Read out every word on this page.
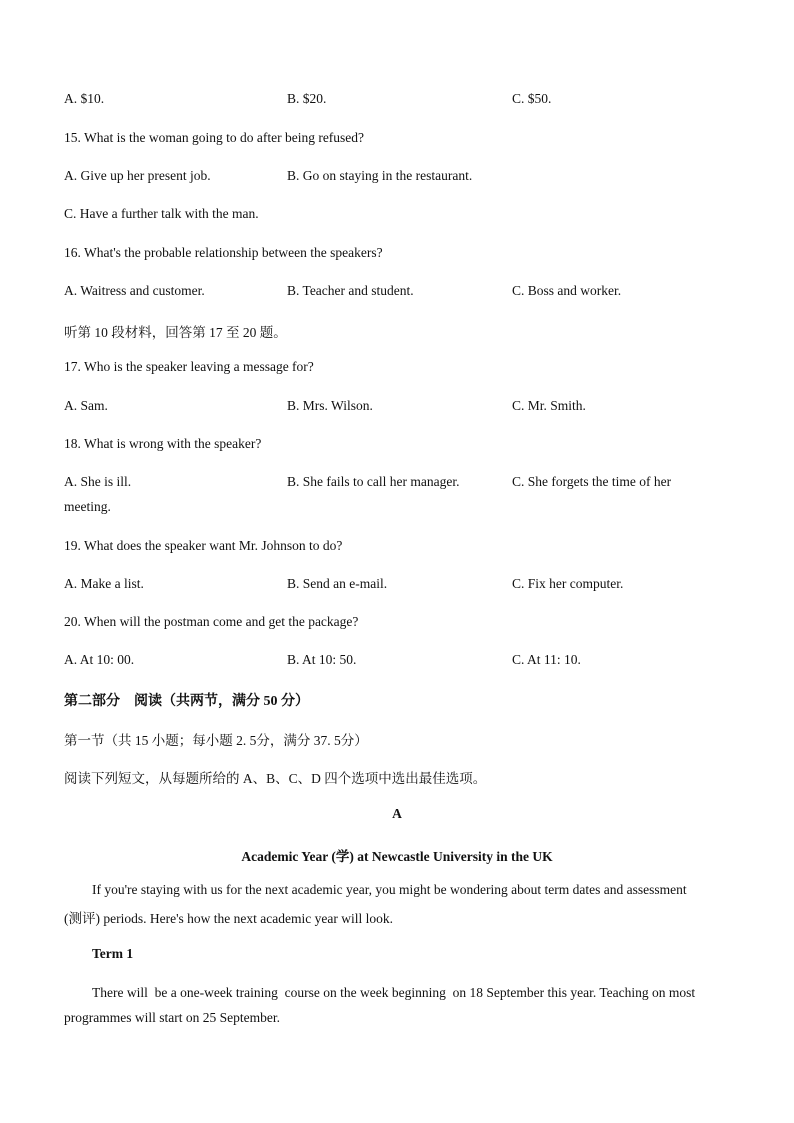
A. $10.	B. $20.	C. $50.
15. What is the woman going to do after being refused?
A. Give up her present job.	B. Go on staying in the restaurant.
C. Have a further talk with the man.
16. What's the probable relationship between the speakers?
A. Waitress and customer.	B. Teacher and student.	C. Boss and worker.
听第 10 段材料，回答第 17 至 20 题。
17. Who is the speaker leaving a message for?
A. Sam.	B. Mrs. Wilson.	C. Mr. Smith.
18. What is wrong with the speaker?
A. She is ill.	B. She fails to call her manager.	C. She forgets the time of her
meeting.
19. What does the speaker want Mr. Johnson to do?
A. Make a list.	B. Send an e-mail.	C. Fix her computer.
20. When will the postman come and get the package?
A. At 10: 00.	B. At 10: 50.	C. At 11: 10.
第二部分    阅读（共两节，满分 50 分）
第一节（共 15 小题；每小题 2. 5分，满分 37. 5分）
阅读下列短文，从每题所给的 A、B、C、D 四个选项中选出最佳选项。
A
Academic Year (学) at Newcastle University in the UK
If you're staying with us for the next academic year, you might be wondering about term dates and assessment
(测评) periods. Here's how the next academic year will look.
Term 1
There will  be a one-week training  course on the week beginning  on 18 September this year. Teaching on most
programmes will start on 25 September.
